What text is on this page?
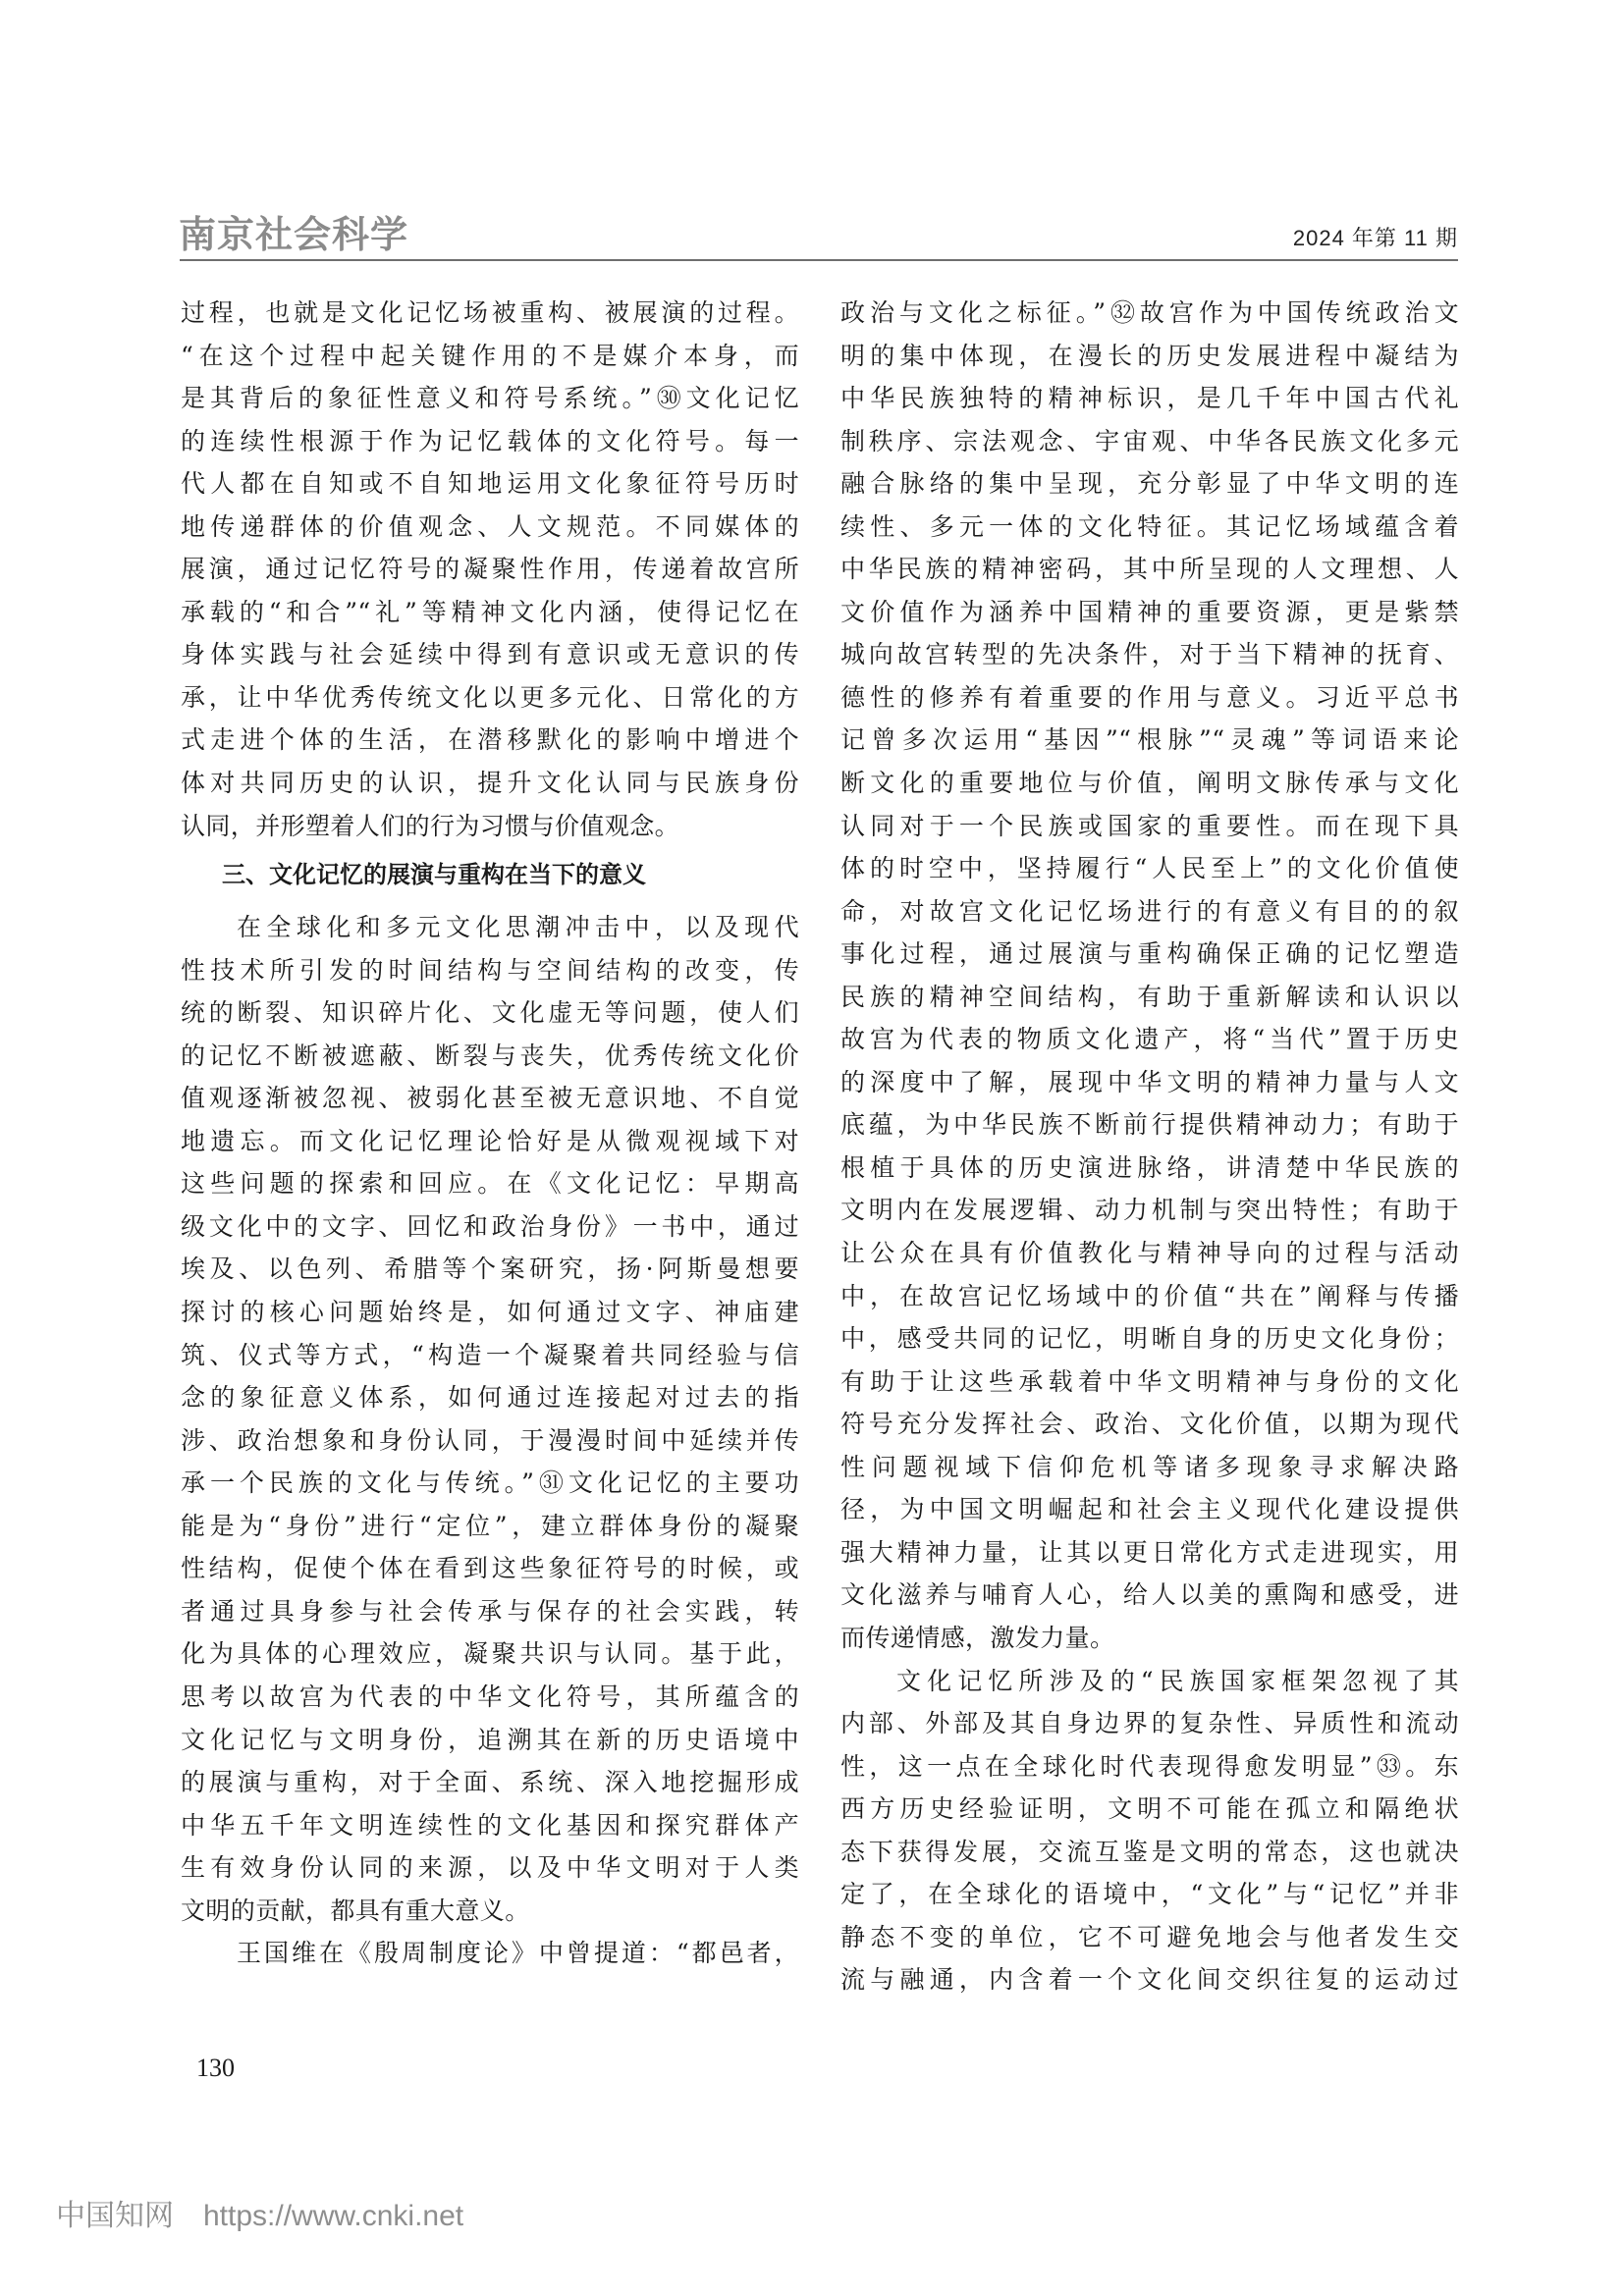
南京社会科学	2024 年第 11 期
过程，也就是文化记忆场被重构、被展演的过程。
“在这个过程中起关键作用的不是媒介本身，而
是其背后的象征性意义和符号系统。”㉚文化记忆
的连续性根源于作为记忆载体的文化符号。每一
代人都在自知或不自知地运用文化象征符号历时
地传递群体的价值观念、人文规范。不同媒体的
展演，通过记忆符号的凝聚性作用，传递着故宫所
承载的“和合”“礼”等精神文化内涵，使得记忆在
身体实践与社会延续中得到有意识或无意识的传
承，让中华优秀传统文化以更多元化、日常化的方
式走进个体的生活，在潜移默化的影响中增进个
体对共同历史的认识，提升文化认同与民族身份
认同，并形塑着人们的行为习惯与价值观念。
三、文化记忆的展演与重构在当下的意义
在全球化和多元文化思潮冲击中，以及现代
性技术所引发的时间结构与空间结构的改变，传
统的断裂、知识碎片化、文化虚无等问题，使人们
的记忆不断被遮蔽、断裂与丧失，优秀传统文化价
值观逐渐被忽视、被弱化甚至被无意识地、不自觉
地遗忘。而文化记忆理论恰好是从微观视域下对
这些问题的探索和回应。在《文化记忆：早期高
级文化中的文字、回忆和政治身份》一书中，通过
埃及、以色列、希腊等个案研究，扬·阿斯曼想要
探讨的核心问题始终是，如何通过文字、神庙建
筑、仪式等方式，“构造一个凝聚着共同经验与信
念的象征意义体系，如何通过连接起对过去的指
涉、政治想象和身份认同，于漫漫时间中延续并传
承一个民族的文化与传统。”㉛文化记忆的主要功
能是为“身份”进行“定位”，建立群体身份的凝聚
性结构，促使个体在看到这些象征符号的时候，或
者通过具身参与社会传承与保存的社会实践，转
化为具体的心理效应，凝聚共识与认同。基于此，
思考以故宫为代表的中华文化符号，其所蕴含的
文化记忆与文明身份，追溯其在新的历史语境中
的展演与重构，对于全面、系统、深入地挖掘形成
中华五千年文明连续性的文化基因和探究群体产
生有效身份认同的来源，以及中华文明对于人类
文明的贡献，都具有重大意义。
王国维在《殷周制度论》中曾提道：“都邑者，
政治与文化之标征。”㉜故宫作为中国传统政治文
明的集中体现，在漫长的历史发展进程中凝结为
中华民族独特的精神标识，是几千年中国古代礼
制秩序、宗法观念、宇宙观、中华各民族文化多元
融合脉络的集中呈现，充分彰显了中华文明的连
续性、多元一体的文化特征。其记忆场域蕴含着
中华民族的精神密码，其中所呈现的人文理想、人
文价值作为涵养中国精神的重要资源，更是紫禁
城向故宫转型的先决条件，对于当下精神的抚育、
德性的修养有着重要的作用与意义。习近平总书
记曾多次运用“基因”“根脉”“灵魂”等词语来论
断文化的重要地位与价值，阐明文脉传承与文化
认同对于一个民族或国家的重要性。而在现下具
体的时空中，坚持履行“人民至上”的文化价值使
命，对故宫文化记忆场进行的有意义有目的的叙
事化过程，通过展演与重构确保正确的记忆塑造
民族的精神空间结构，有助于重新解读和认识以
故宫为代表的物质文化遗产，将“当代”置于历史
的深度中了解，展现中华文明的精神力量与人文
底蕴，为中华民族不断前行提供精神动力；有助于
根植于具体的历史演进脉络，讲清楚中华民族的
文明内在发展逻辑、动力机制与突出特性；有助于
让公众在具有价值教化与精神导向的过程与活动
中，在故宫记忆场域中的价值“共在”阐释与传播
中，感受共同的记忆，明晰自身的历史文化身份；
有助于让这些承载着中华文明精神与身份的文化
符号充分发挥社会、政治、文化价值，以期为现代
性问题视域下信仰危机等诸多现象寻求解决路
径，为中国文明崛起和社会主义现代化建设提供
强大精神力量，让其以更日常化方式走进现实，用
文化滋养与哺育人心，给人以美的熏陶和感受，进
而传递情感，激发力量。
文化记忆所涉及的“民族国家框架忽视了其
内部、外部及其自身边界的复杂性、异质性和流动
性，这一点在全球化时代表现得愈发明显”㉝。东
西方历史经验证明，文明不可能在孤立和隔绝状
态下获得发展，交流互鉴是文明的常态，这也就决
定了，在全球化的语境中，“文化”与“记忆”并非
静态不变的单位，它不可避免地会与他者发生交
流与融通，内含着一个文化间交织往复的运动过
130
中国知网 https://www.cnki.net
